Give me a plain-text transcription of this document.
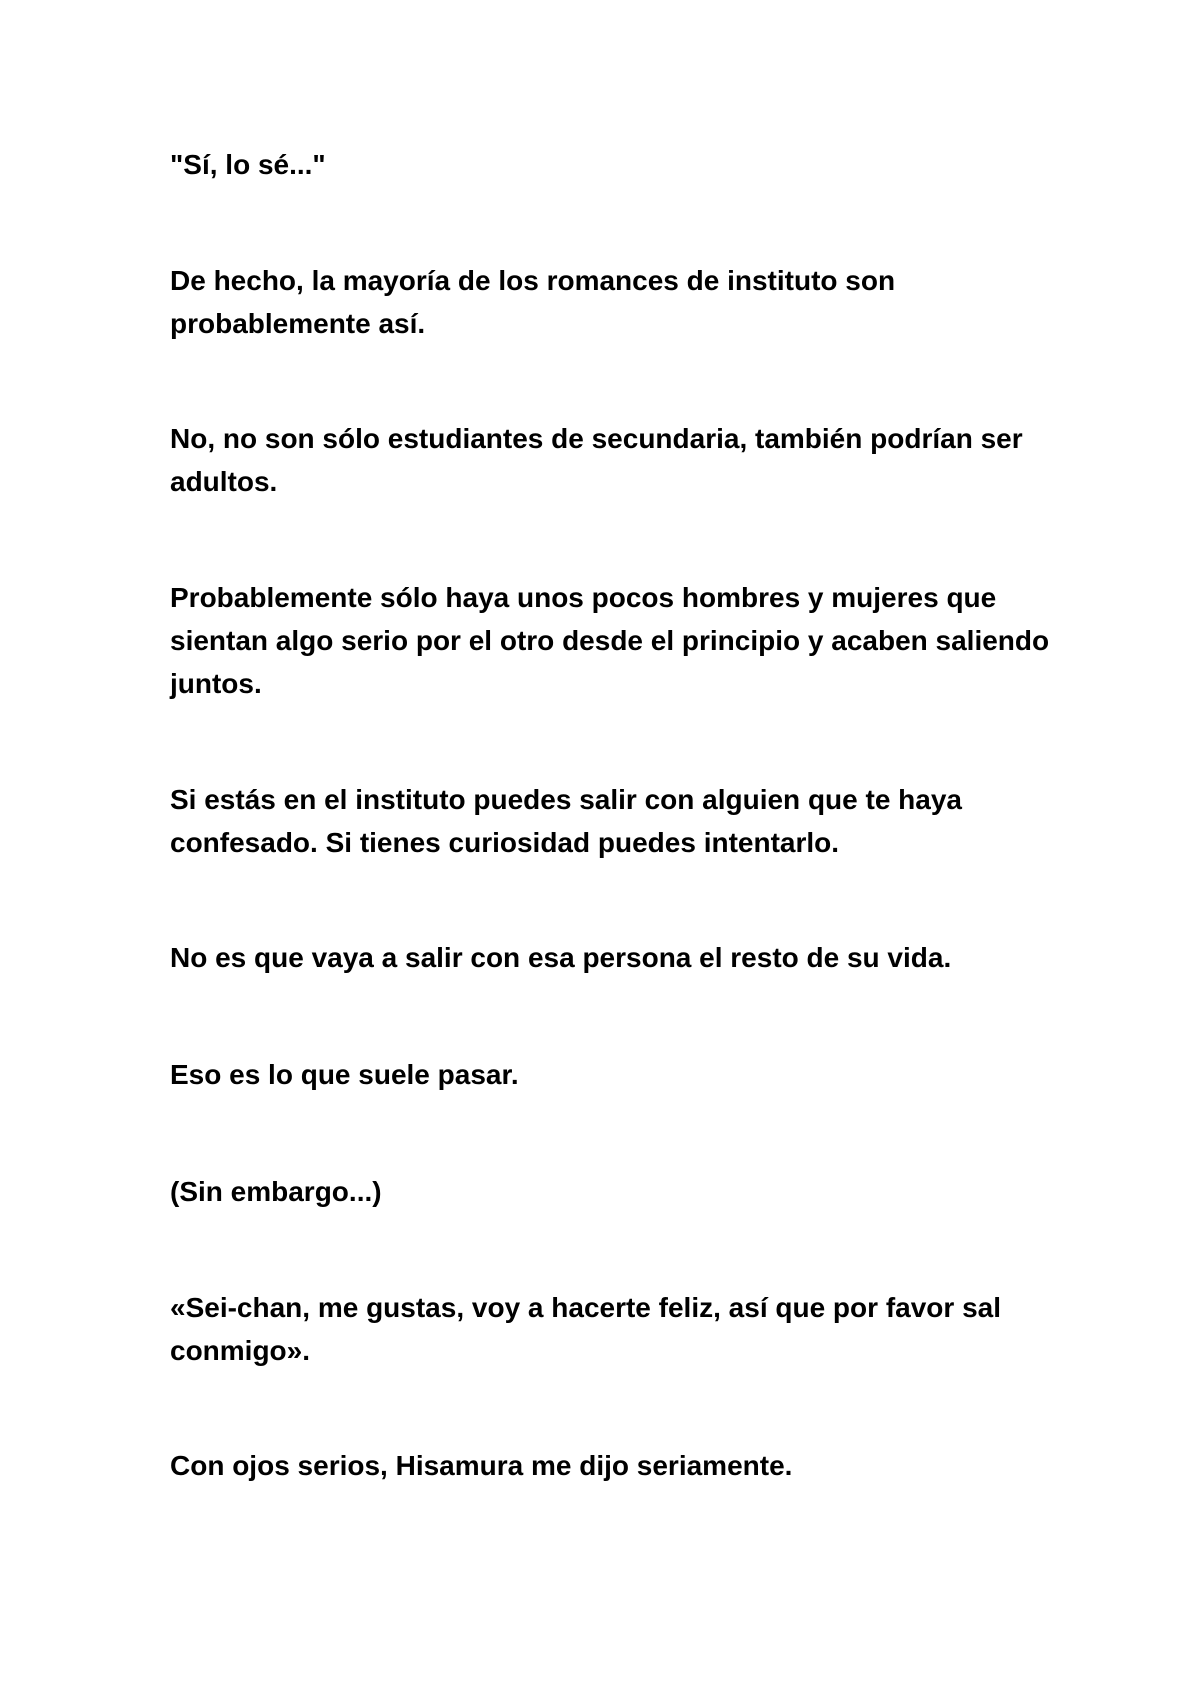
"Sí, lo sé..."

De hecho, la mayoría de los romances de instituto son probablemente así.

No, no son sólo estudiantes de secundaria, también podrían ser adultos.

Probablemente sólo haya unos pocos hombres y mujeres que sientan algo serio por el otro desde el principio y acaben saliendo juntos.

Si estás en el instituto puedes salir con alguien que te haya confesado. Si tienes curiosidad puedes intentarlo.

No es que vaya a salir con esa persona el resto de su vida.

Eso es lo que suele pasar.

(Sin embargo...)

«Sei-chan, me gustas, voy a hacerte feliz, así que por favor sal conmigo».

Con ojos serios, Hisamura me dijo seriamente.
